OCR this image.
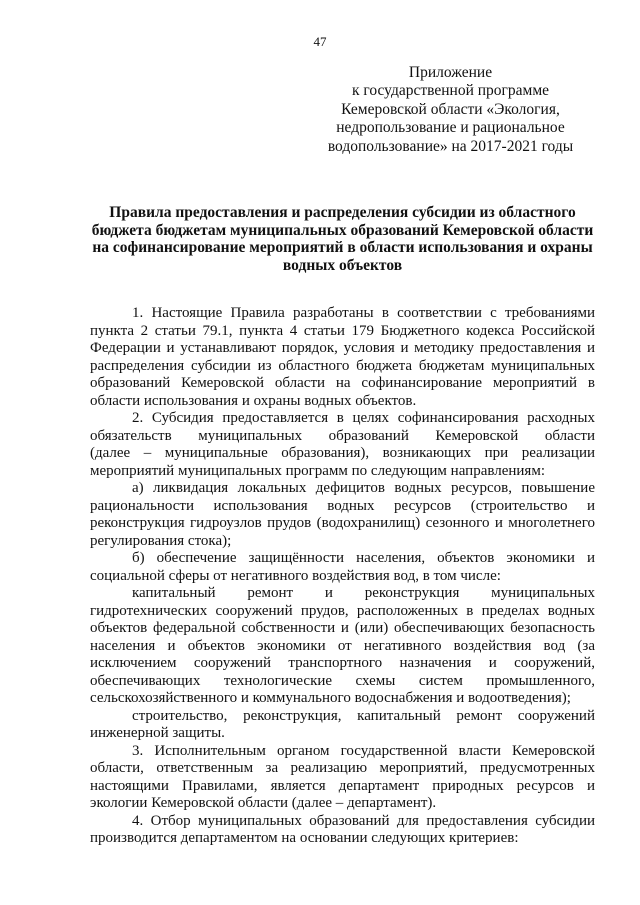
47
Приложение
к государственной программе
Кемеровской области «Экология,
недропользование и рациональное
водопользование» на 2017-2021 годы
Правила предоставления и распределения субсидии из областного
бюджета бюджетам муниципальных образований Кемеровской области
на софинансирование мероприятий в области использования и охраны
водных объектов
1. Настоящие Правила разработаны в соответствии с требованиями
пункта 2 статьи 79.1, пункта 4 статьи 179 Бюджетного кодекса Российской
Федерации и устанавливают порядок, условия и методику предоставления и
распределения субсидии из областного бюджета бюджетам муниципальных
образований Кемеровской области на софинансирование мероприятий в
области использования и охраны водных объектов.
2. Субсидия предоставляется в целях софинансирования расходных
обязательств муниципальных образований Кемеровской области
(далее – муниципальные образования), возникающих при реализации
мероприятий муниципальных программ по следующим направлениям:
а) ликвидация локальных дефицитов водных ресурсов, повышение
рациональности использования водных ресурсов (строительство и
реконструкция гидроузлов прудов (водохранилищ) сезонного и многолетнего
регулирования стока);
б) обеспечение защищённости населения, объектов экономики и
социальной сферы от негативного воздействия вод, в том числе:
капитальный ремонт и реконструкция муниципальных
гидротехнических сооружений прудов, расположенных в пределах водных
объектов федеральной собственности и (или) обеспечивающих безопасность
населения и объектов экономики от негативного воздействия вод (за
исключением сооружений транспортного назначения и сооружений,
обеспечивающих технологические схемы систем промышленного,
сельскохозяйственного и коммунального водоснабжения и водоотведения);
строительство, реконструкция, капитальный ремонт сооружений
инженерной защиты.
3. Исполнительным органом государственной власти Кемеровской
области, ответственным за реализацию мероприятий, предусмотренных
настоящими Правилами, является департамент природных ресурсов и
экологии Кемеровской области (далее – департамент).
4. Отбор муниципальных образований для предоставления субсидии
производится департаментом на основании следующих критериев:
